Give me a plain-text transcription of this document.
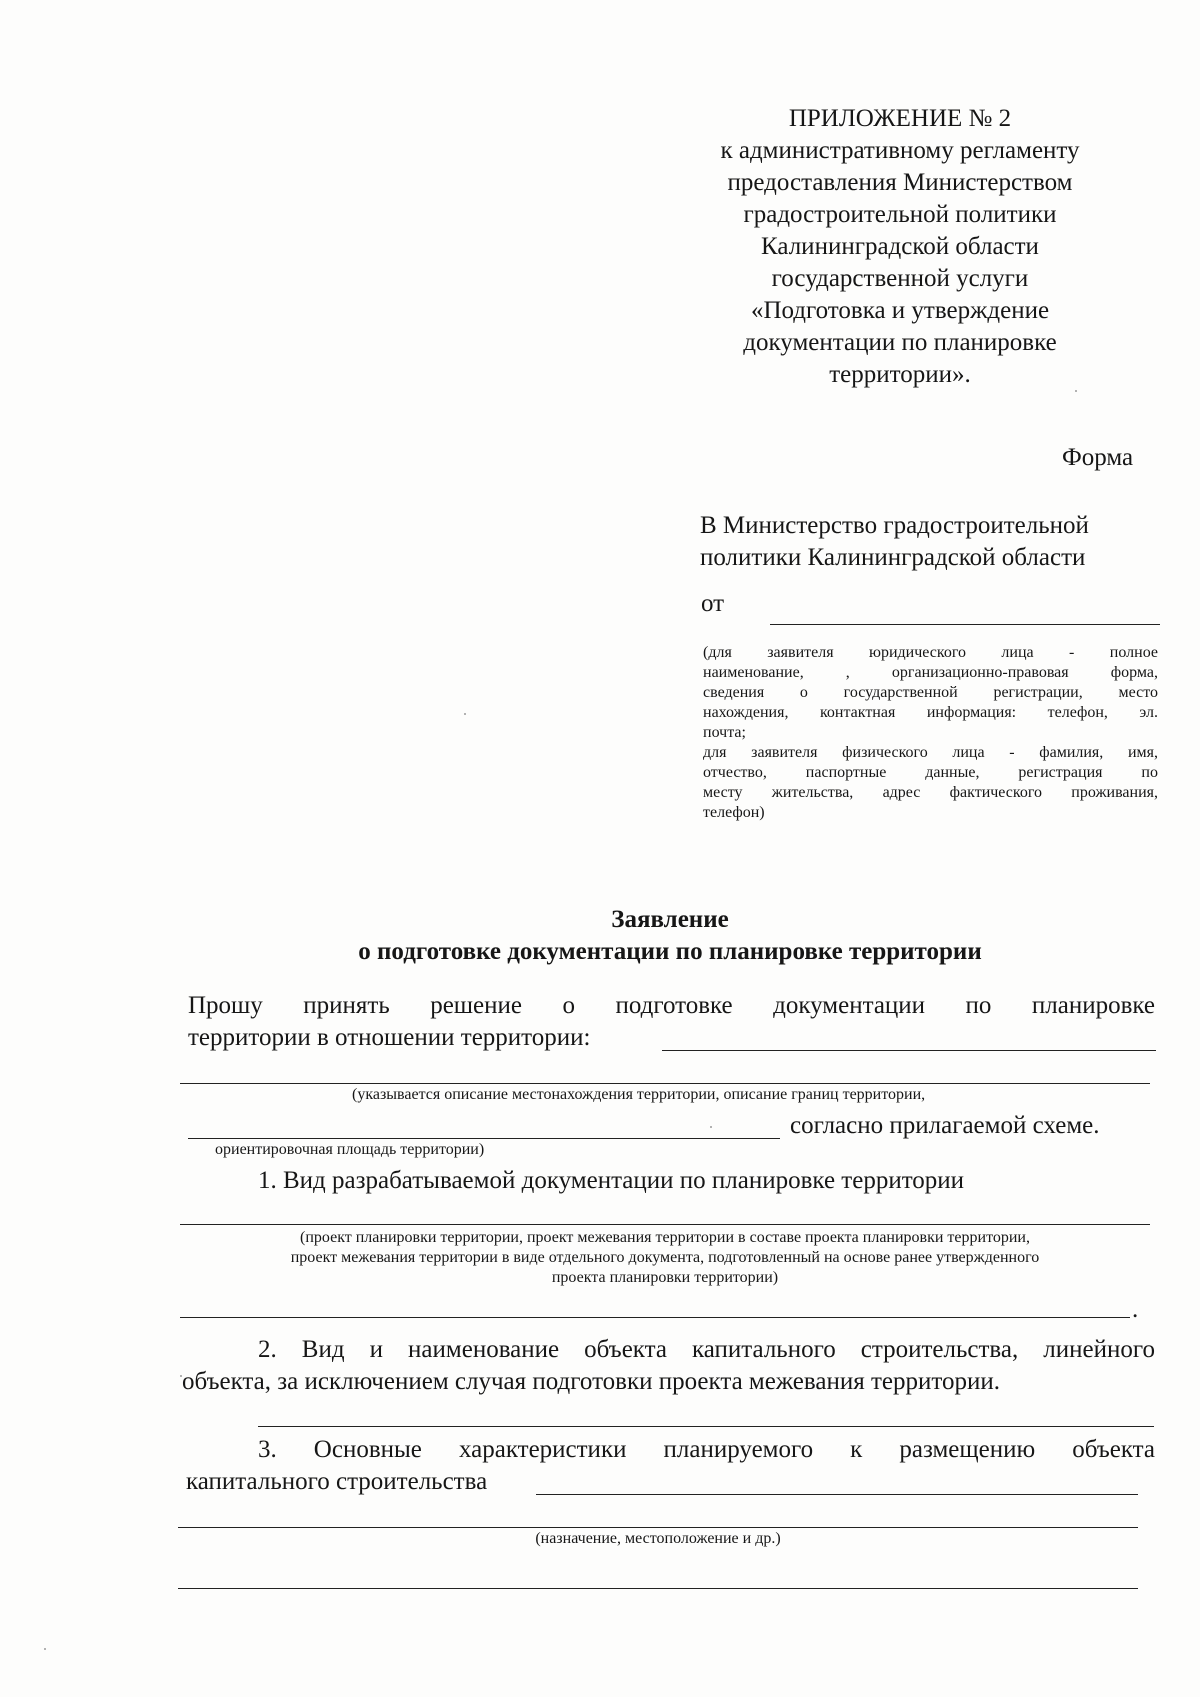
ПРИЛОЖЕНИЕ № 2
к административному регламенту
предоставления Министерством
градостроительной политики
Калининградской области
государственной услуги
«Подготовка и утверждение
документации по планировке
территории».
Форма
В Министерство градостроительной
политики Калининградской области
от
(для заявителя юридического лица - полное
наименование, , организационно-правовая форма,
сведения о государственной регистрации, место
нахождения, контактная информация: телефон, эл.
почта;
для заявителя физического лица - фамилия, имя,
отчество, паспортные данные, регистрация по
месту жительства, адрес фактического проживания,
телефон)
Заявление
о подготовке документации по планировке территории
Прошу принять решение о подготовке документации по планировке
территории в отношении территории:
(указывается описание местонахождения территории, описание границ территории,
согласно прилагаемой схеме.
ориентировочная площадь территории)
1. Вид разрабатываемой документации по планировке территории
(проект планировки территории, проект межевания территории в составе проекта планировки территории,
проект межевания территории в виде отдельного документа, подготовленный на основе ранее утвержденного
проекта планировки территории)
.
2. Вид и наименование объекта капитального строительства, линейного
объекта, за исключением случая подготовки проекта межевания территории.
3. Основные характеристики планируемого к размещению объекта
капитального строительства
(назначение, местоположение и др.)
